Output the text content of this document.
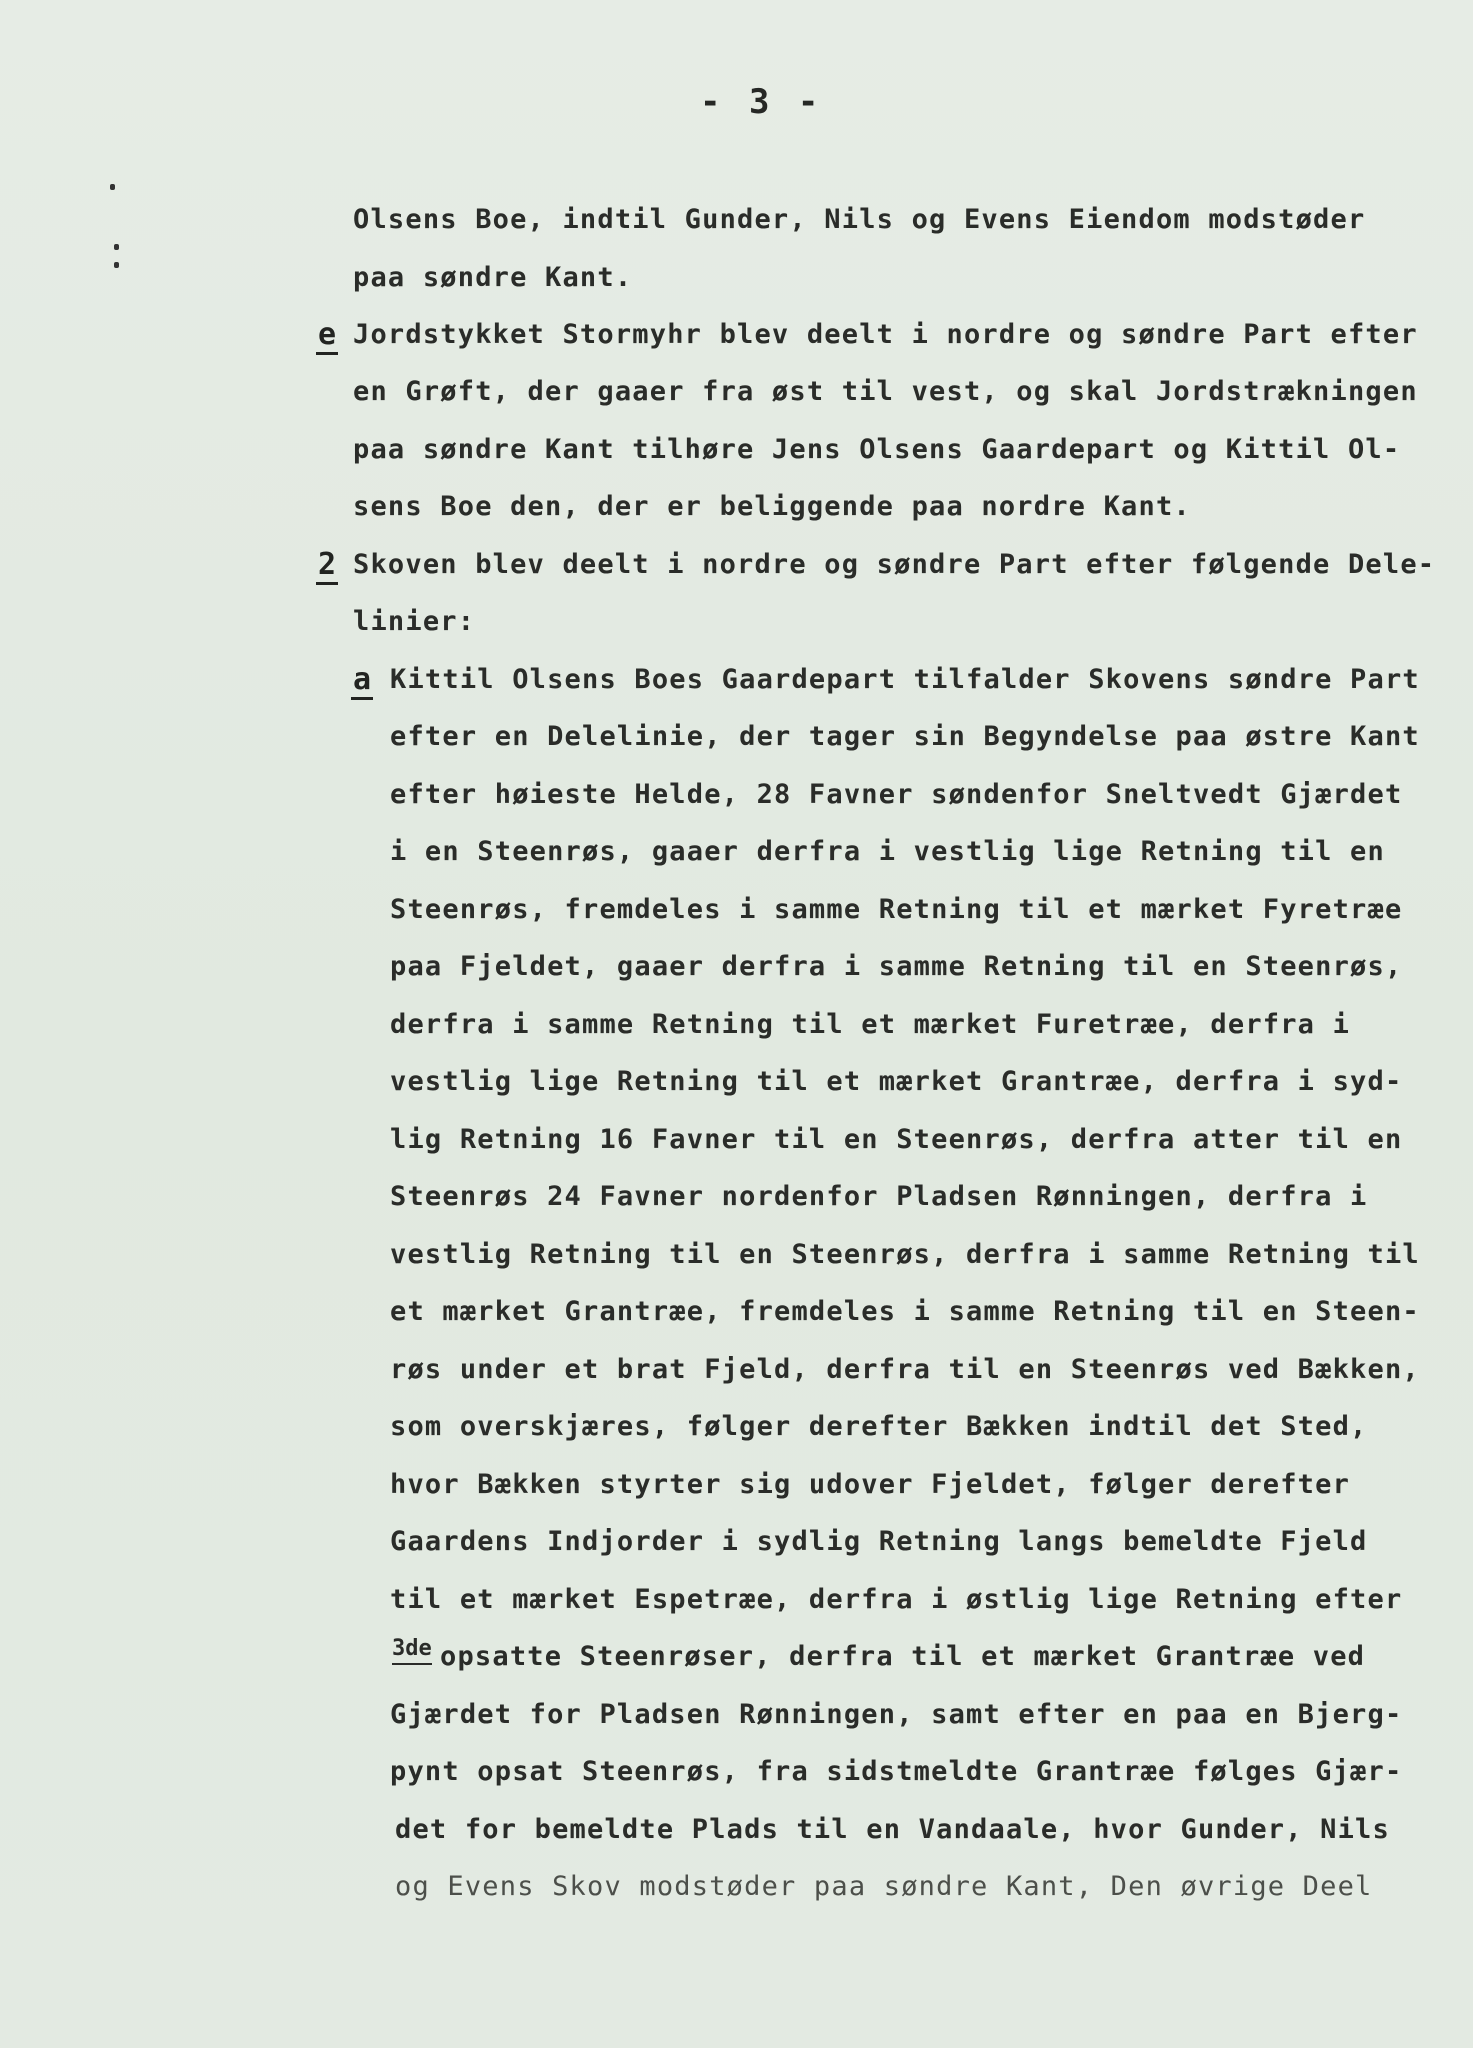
- 3 -
Olsens Boe, indtil Gunder, Nils og Evens Eiendom modstøder
paa søndre Kant.
e Jordstykket Stormyhr blev deelt i nordre og søndre Part efter
en Grøft, der gaaer fra øst til vest, og skal Jordstrækningen
paa søndre Kant tilhøre Jens Olsens Gaardepart og Kittil Ol-
sens Boe den, der er beliggende paa nordre Kant.
2 Skoven blev deelt i nordre og søndre Part efter følgende Dele-
linier:
a Kittil Olsens Boes Gaardepart tilfalder Skovens søndre Part
efter en Delelinie, der tager sin Begyndelse paa østre Kant
efter høieste Helde, 28 Favner søndenfor Sneltvedt Gjærdet
i en Steenrøs, gaaer derfra i vestlig lige Retning til en
Steenrøs, fremdeles i samme Retning til et mærket Fyretræe
paa Fjeldet, gaaer derfra i samme Retning til en Steenrøs,
derfra i samme Retning til et mærket Furetræe, derfra i
vestlig lige Retning til et mærket Grantræe, derfra i syd-
lig Retning 16 Favner til en Steenrøs, derfra atter til en
Steenrøs 24 Favner nordenfor Pladsen Rønningen, derfra i
vestlig Retning til en Steenrøs, derfra i samme Retning til
et mærket Grantræe, fremdeles i samme Retning til en Steen-
røs under et brat Fjeld, derfra til en Steenrøs ved Bækken,
som overskjæres, følger derefter Bækken indtil det Sted,
hvor Bækken styrter sig udover Fjeldet, følger derefter
Gaardens Indjorder i sydlig Retning langs bemeldte Fjeld
til et mærket Espetræe, derfra i østlig lige Retning efter
3de opsatte Steenrøser, derfra til et mærket Grantræe ved
Gjærdet for Pladsen Rønningen, samt efter en paa en Bjerg-
pynt opsat Steenrøs, fra sidstmeldte Grantræe følges Gjær-
det for bemeldte Plads til en Vandaale, hvor Gunder, Nils
og Evens Skov modstøder paa søndre Kant, Den øvrige Deel
